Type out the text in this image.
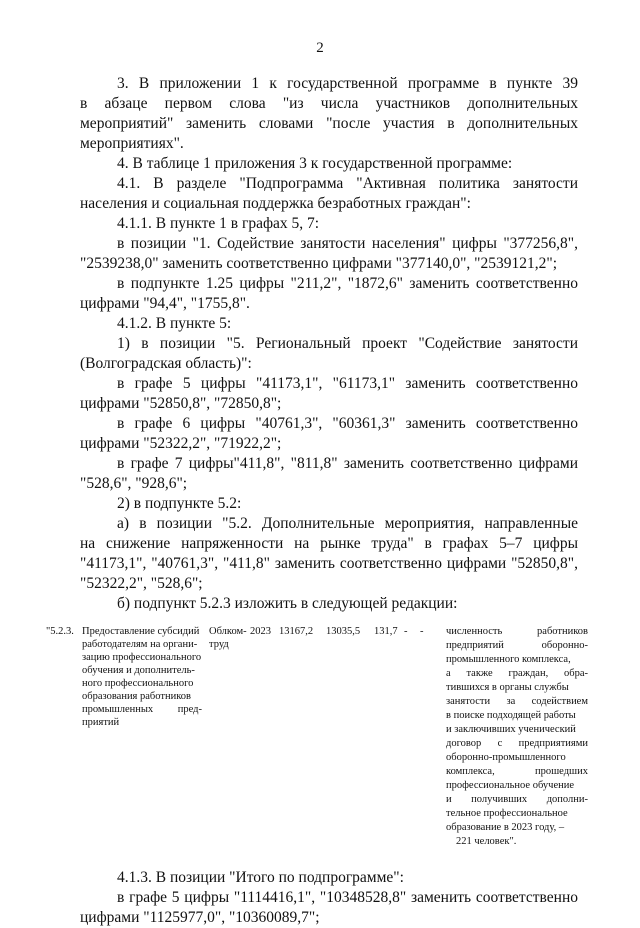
2
3. В приложении 1 к государственной программе в пункте 39
в абзаце первом слова "из числа участников дополнительных
мероприятий" заменить словами "после участия в дополнительных
мероприятиях".
4. В таблице 1 приложения 3 к государственной программе:
4.1. В разделе "Подпрограмма "Активная политика занятости
населения и социальная поддержка безработных граждан":
4.1.1. В пункте 1 в графах 5, 7:
в позиции "1. Содействие занятости населения" цифры "377256,8",
"2539238,0" заменить соответственно цифрами "377140,0", "2539121,2";
в подпункте 1.25 цифры "211,2", "1872,6" заменить соответственно
цифрами "94,4", "1755,8".
4.1.2. В пункте 5:
1) в позиции "5. Региональный проект "Содействие занятости
(Волгоградская область)":
в графе 5 цифры "41173,1", "61173,1" заменить соответственно
цифрами "52850,8", "72850,8";
в графе 6 цифры "40761,3", "60361,3" заменить соответственно
цифрами "52322,2", "71922,2";
в графе 7 цифры"411,8", "811,8" заменить соответственно цифрами
"528,6", "928,6";
2) в подпункте 5.2:
а) в позиции "5.2. Дополнительные мероприятия, направленные
на снижение напряженности на рынке труда" в графах 5–7 цифры
"41173,1", "40761,3", "411,8" заменить соответственно цифрами "52850,8",
"52322,2", "528,6";
б) подпункт 5.2.3 изложить в следующей редакции:
"5.2.3. Предоставление субсидий
работодателям на органи-
зацию профессионального
обучения и дополнитель-
ного профессионального
образования работников
промышленных пред-
приятий
Облком-
труд
2023 13167,2 13035,5 131,7 - - численность работников
предприятий оборонно-
промышленного комплекса,
а также граждан, обра-
тившихся в органы службы
занятости за содействием
в поиске подходящей работы
и заключивших ученический
договор с предприятиями
оборонно-промышленного
комплекса, прошедших
профессиональное обучение
и получивших дополни-
тельное профессиональное
образование в 2023 году, –
221 человек".
4.1.3. В позиции "Итого по подпрограмме":
в графе 5 цифры "1114416,1", "10348528,8" заменить соответственно
цифрами "1125977,0", "10360089,7";
